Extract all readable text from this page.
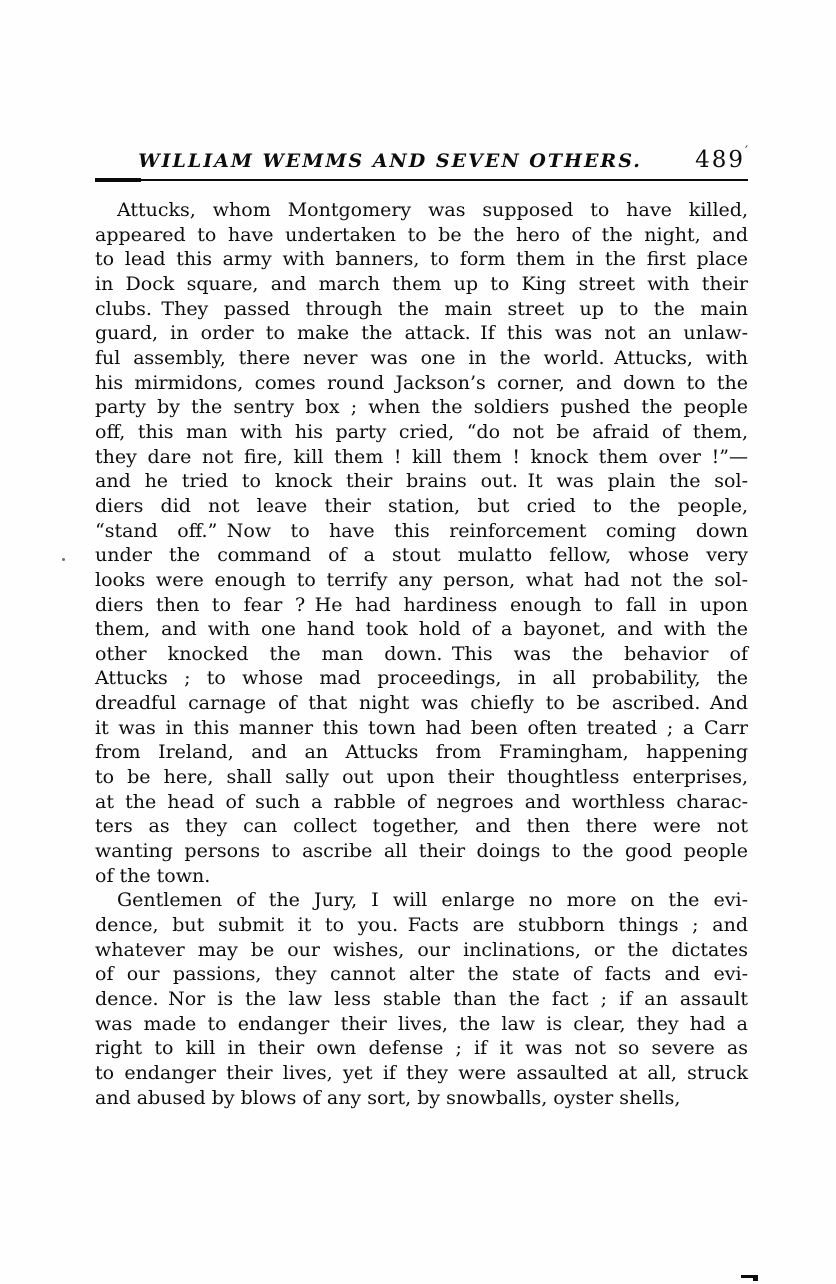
WILLIAM WEMMS AND SEVEN OTHERS.	489′
Attucks, whom Montgomery was supposed to have killed,
appeared to have undertaken to be the hero of the night, and
to lead this army with banners, to form them in the first place
in Dock square, and march them up to King street with their
clubs. They passed through the main street up to the main
guard, in order to make the attack. If this was not an unlaw-
ful assembly, there never was one in the world. Attucks, with
his mirmidons, comes round Jackson’s corner, and down to the
party by the sentry box ; when the soldiers pushed the people
off, this man with his party cried, “do not be afraid of them,
they dare not fire, kill them ! kill them ! knock them over !”—
and he tried to knock their brains out. It was plain the sol-
diers did not leave their station, but cried to the people,
“stand off.” Now to have this reinforcement coming down
under the command of a stout mulatto fellow, whose very
looks were enough to terrify any person, what had not the sol-
diers then to fear ? He had hardiness enough to fall in upon
them, and with one hand took hold of a bayonet, and with the
other knocked the man down. This was the behavior of
Attucks ; to whose mad proceedings, in all probability, the
dreadful carnage of that night was chiefly to be ascribed. And
it was in this manner this town had been often treated ; a Carr
from Ireland, and an Attucks from Framingham, happening
to be here, shall sally out upon their thoughtless enterprises,
at the head of such a rabble of negroes and worthless charac-
ters as they can collect together, and then there were not
wanting persons to ascribe all their doings to the good people
of the town.
Gentlemen of the Jury, I will enlarge no more on the evi-
dence, but submit it to you. Facts are stubborn things ; and
whatever may be our wishes, our inclinations, or the dictates
of our passions, they cannot alter the state of facts and evi-
dence. Nor is the law less stable than the fact ; if an assault
was made to endanger their lives, the law is clear, they had a
right to kill in their own defense ; if it was not so severe as
to endanger their lives, yet if they were assaulted at all, struck
and abused by blows of any sort, by snowballs, oyster shells,
